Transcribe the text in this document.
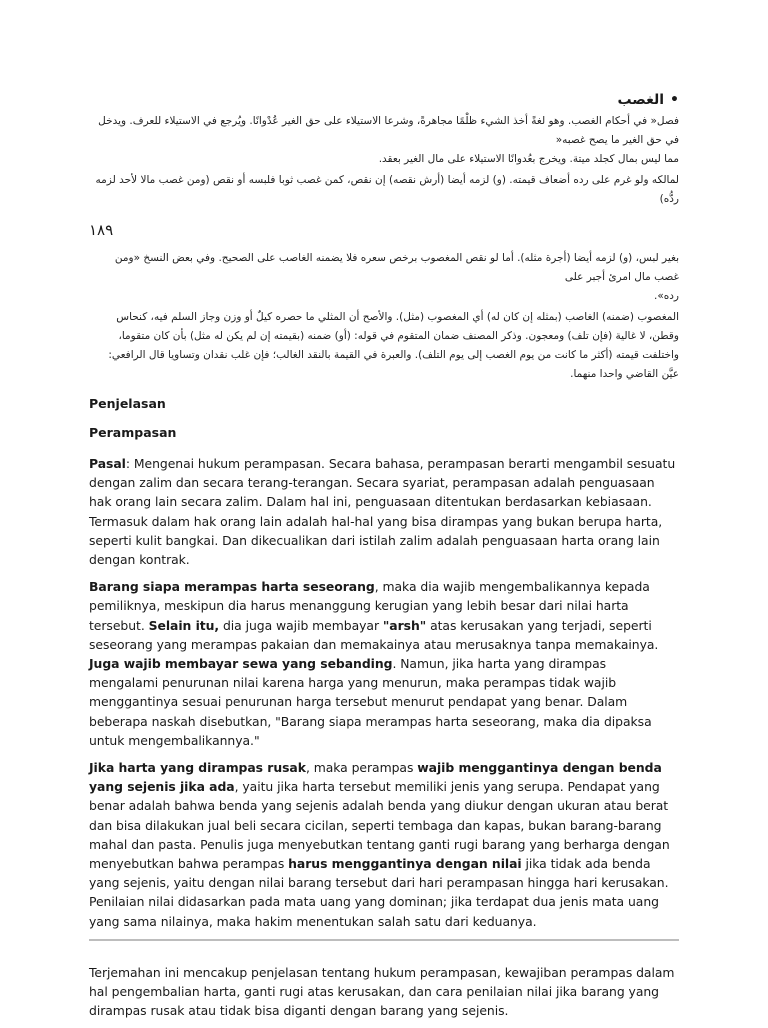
•
الغصب
فصل« في أحكام الغصب. وهو لغةً أخذ الشيء ظلْمًا مجاهرةً، وشرعا الاستيلاء على حق الغير عُدْوانًا. ويُرجع في الاستيلاء للعرف. ويدخل في حق الغير ما يصح غصبه«
مما ليس بمال كجلد ميتة. ويخرج بعُدوانًا الاستيلاء على مال الغير بعقد.
لمالكه ولو غرم على رده أضعاف قيمته. (و) لزمه أيضا (أرش نقصه) إن نقص، كمن غصب ثوبا فلبسه أو نقص (ومن غصب مالا لأحد لزمه ردُّه)
١٨٩
بغير لبس، (و) لزمه أيضا (أجرة مثله). أما لو نقص المغصوب برخص سعره فلا يضمنه الغاصب على الصحيح. وفي بعض النسخ «ومن غصب مال امرئ أجبر على
رده».
المغصوب (ضمنه) الغاصب (بمثله إن كان له) أي المغصوب (مثل). والأصح أن المثلي ما حصره كيلٌ أو وزن وجاز السلم فيه، كنحاس وقطن، لا غالية (فإن تلف) ومعجون. وذكر المصنف ضمان المتقوم في قوله: (أو) ضمنه (بقيمته إن لم يكن له مثل) بأن كان متقوما، واختلفت قيمته (أكثر ما كانت من يوم الغصب إلى يوم التلف). والعبرة في القيمة بالنقد الغالب؛ فإن غلب نقدان وتساويا قال الرافعي: عيَّن القاضي واحدا منهما.
Penjelasan
Perampasan

Pasal: Mengenai hukum perampasan. Secara bahasa, perampasan berarti mengambil sesuatu dengan zalim dan secara terang-terangan. Secara syariat, perampasan adalah penguasaan hak orang lain secara zalim. Dalam hal ini, penguasaan ditentukan berdasarkan kebiasaan. Termasuk dalam hak orang lain adalah hal-hal yang bisa dirampas yang bukan berupa harta, seperti kulit bangkai. Dan dikecualikan dari istilah zalim adalah penguasaan harta orang lain dengan kontrak.

Barang siapa merampas harta seseorang, maka dia wajib mengembalikannya kepada pemiliknya, meskipun dia harus menanggung kerugian yang lebih besar dari nilai harta tersebut. Selain itu, dia juga wajib membayar "arsh" atas kerusakan yang terjadi, seperti seseorang yang merampas pakaian dan memakainya atau merusaknya tanpa memakainya. Juga wajib membayar sewa yang sebanding. Namun, jika harta yang dirampas mengalami penurunan nilai karena harga yang menurun, maka perampas tidak wajib menggantinya sesuai penurunan harga tersebut menurut pendapat yang benar. Dalam beberapa naskah disebutkan, "Barang siapa merampas harta seseorang, maka dia dipaksa untuk mengembalikannya."

Jika harta yang dirampas rusak, maka perampas wajib menggantinya dengan benda yang sejenis jika ada, yaitu jika harta tersebut memiliki jenis yang serupa. Pendapat yang benar adalah bahwa benda yang sejenis adalah benda yang diukur dengan ukuran atau berat dan bisa dilakukan jual beli secara cicilan, seperti tembaga dan kapas, bukan barang-barang mahal dan pasta. Penulis juga menyebutkan tentang ganti rugi barang yang berharga dengan menyebutkan bahwa perampas harus menggantinya dengan nilai jika tidak ada benda yang sejenis, yaitu dengan nilai barang tersebut dari hari perampasan hingga hari kerusakan. Penilaian nilai didasarkan pada mata uang yang dominan; jika terdapat dua jenis mata uang yang sama nilainya, maka hakim menentukan salah satu dari keduanya.

Terjemahan ini mencakup penjelasan tentang hukum perampasan, kewajiban perampas dalam hal pengembalian harta, ganti rugi atas kerusakan, dan cara penilaian nilai jika barang yang dirampas rusak atau tidak bisa diganti dengan barang yang sejenis.
